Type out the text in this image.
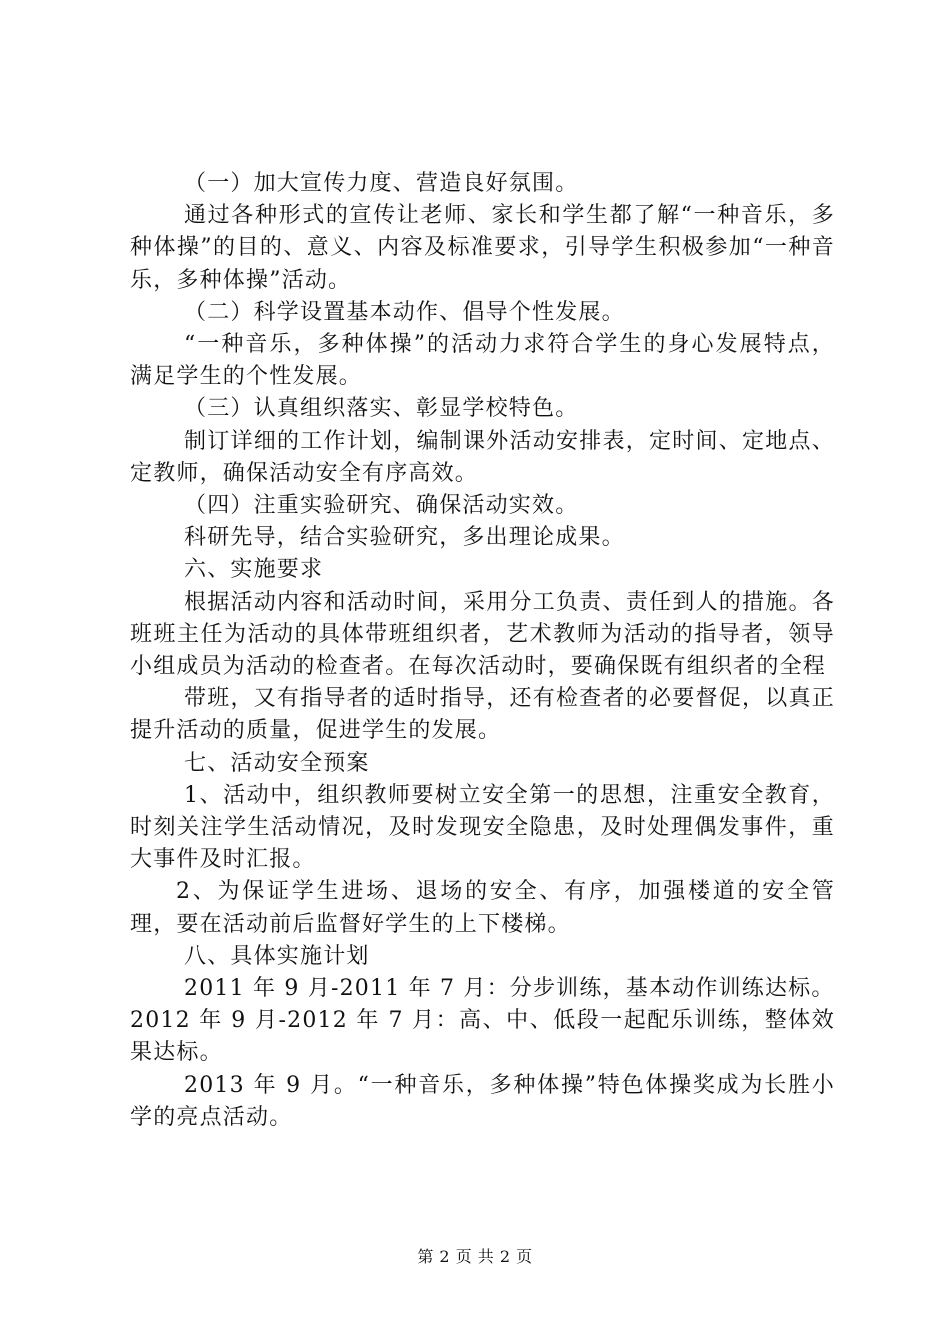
（一）加大宣传力度、营造良好氛围。

通过各种形式的宣传让老师、家长和学生都了解“一种音乐，多种体操”的目的、意义、内容及标准要求，引导学生积极参加“一种音乐，多种体操”活动。

（二）科学设置基本动作、倡导个性发展。

“一种音乐，多种体操”的活动力求符合学生的身心发展特点，满足学生的个性发展。

（三）认真组织落实、彰显学校特色。

制订详细的工作计划，编制课外活动安排表，定时间、定地点、定教师，确保活动安全有序高效。

（四）注重实验研究、确保活动实效。

科研先导，结合实验研究，多出理论成果。

六、实施要求

根据活动内容和活动时间，采用分工负责、责任到人的措施。各班班主任为活动的具体带班组织者，艺术教师为活动的指导者，领导小组成员为活动的检查者。在每次活动时，要确保既有组织者的全程

带班，又有指导者的适时指导，还有检查者的必要督促，以真正提升活动的质量，促进学生的发展。

七、活动安全预案

1、活动中，组织教师要树立安全第一的思想，注重安全教育，时刻关注学生活动情况，及时发现安全隐患，及时处理偶发事件，重大事件及时汇报。

2、为保证学生进场、退场的安全、有序，加强楼道的安全管理，要在活动前后监督好学生的上下楼梯。

八、具体实施计划

2011 年 9 月-2011 年 7 月：分步训练，基本动作训练达标。

2012 年 9 月-2012 年 7 月：高、中、低段一起配乐训练，整体效果达标。

2013 年 9 月。“一种音乐，多种体操”特色体操奖成为长胜小学的亮点活动。

第 2 页 共 2 页
